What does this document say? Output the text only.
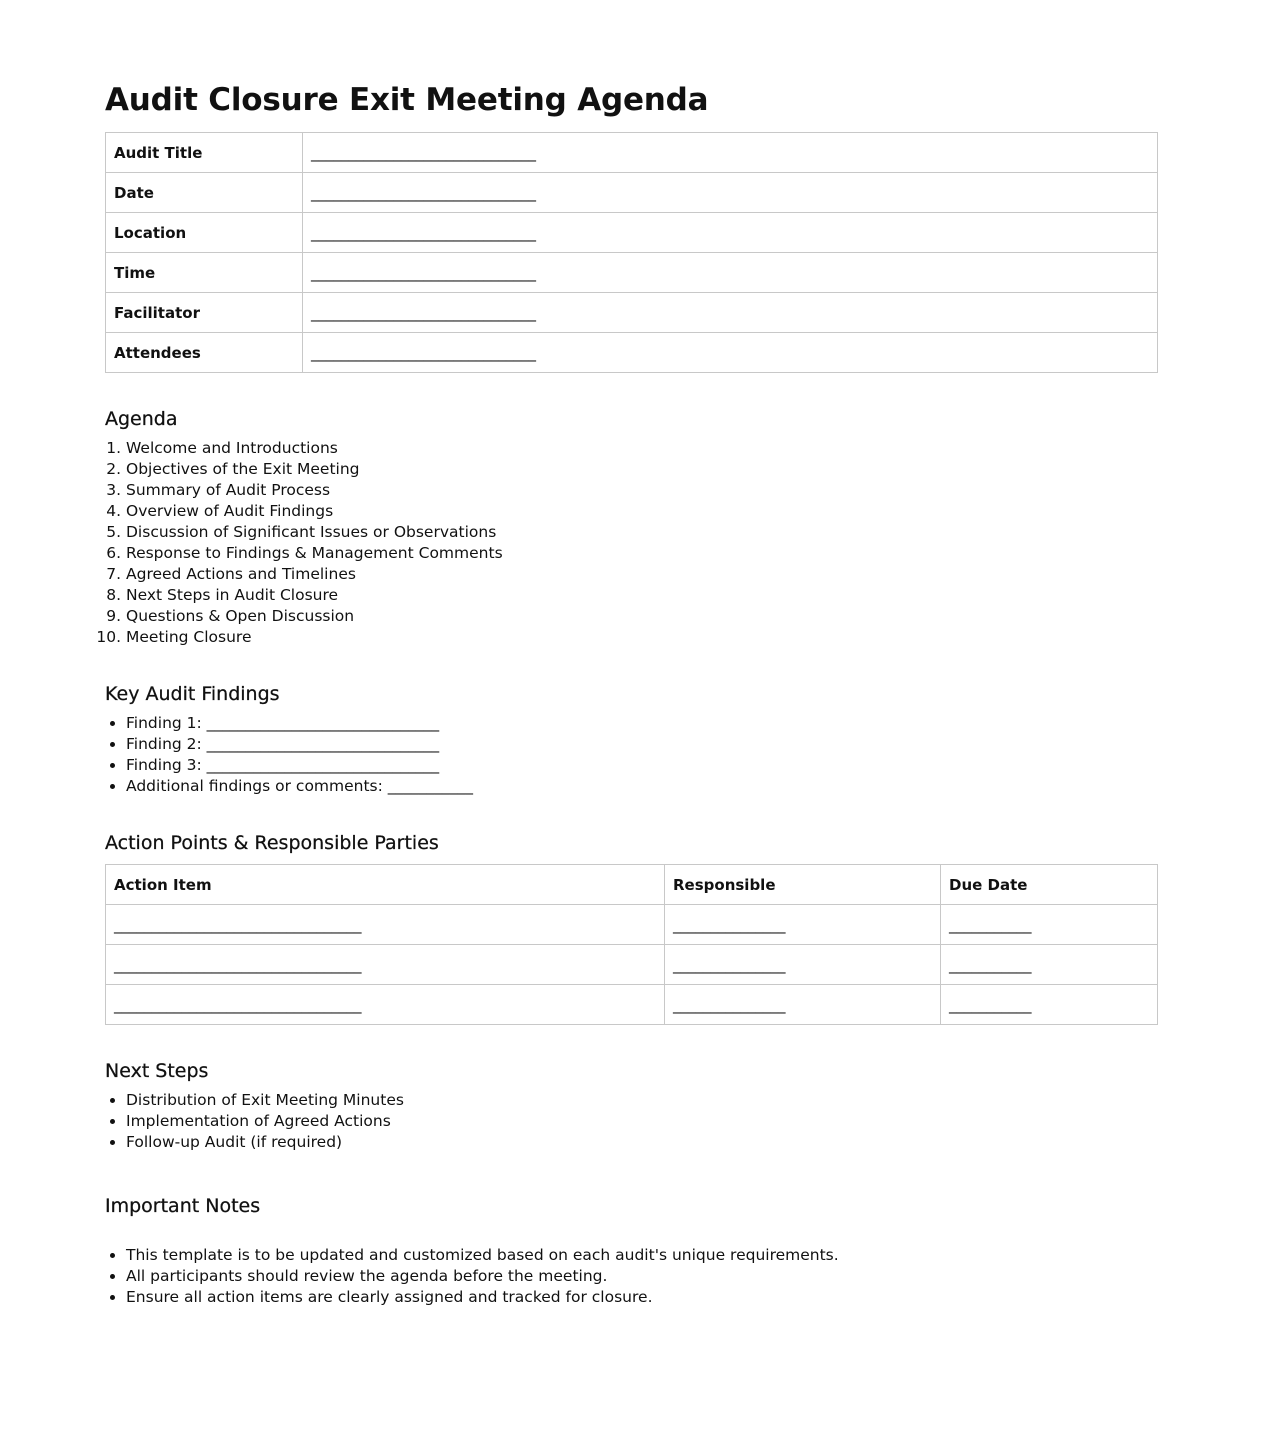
Audit Closure Exit Meeting Agenda
Audit Title	______________________________
Date	______________________________
Location	______________________________
Time	______________________________
Facilitator	______________________________
Attendees	______________________________
Agenda
1. Welcome and Introductions
2. Objectives of the Exit Meeting
3. Summary of Audit Process
4. Overview of Audit Findings
5. Discussion of Significant Issues or Observations
6. Response to Findings & Management Comments
7. Agreed Actions and Timelines
8. Next Steps in Audit Closure
9. Questions & Open Discussion
10. Meeting Closure
Key Audit Findings
• Finding 1: ______________________________
• Finding 2: ______________________________
• Finding 3: ______________________________
• Additional findings or comments: ___________
Action Points & Responsible Parties
Action Item	Responsible	Due Date
_________________________________	_______________	___________
_________________________________	_______________	___________
_________________________________	_______________	___________
Next Steps
• Distribution of Exit Meeting Minutes
• Implementation of Agreed Actions
• Follow-up Audit (if required)
Important Notes
• This template is to be updated and customized based on each audit's unique requirements.
• All participants should review the agenda before the meeting.
• Ensure all action items are clearly assigned and tracked for closure.
